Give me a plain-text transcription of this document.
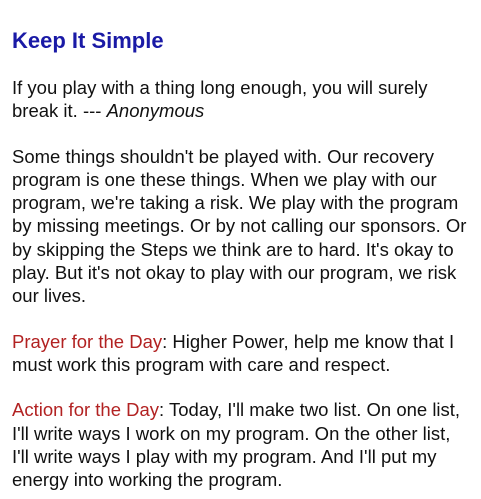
Keep It Simple

If you play with a thing long enough, you will surely break it. --- Anonymous

Some things shouldn't be played with. Our recovery program is one these things. When we play with our program, we're taking a risk. We play with the program by missing meetings. Or by not calling our sponsors. Or by skipping the Steps we think are to hard. It's okay to play. But it's not okay to play with our program, we risk our lives.

Prayer for the Day: Higher Power, help me know that I must work this program with care and respect.

Action for the Day: Today, I'll make two list. On one list, I'll write ways I work on my program. On the other list, I'll write ways I play with my program. And I'll put my energy into working the program.
